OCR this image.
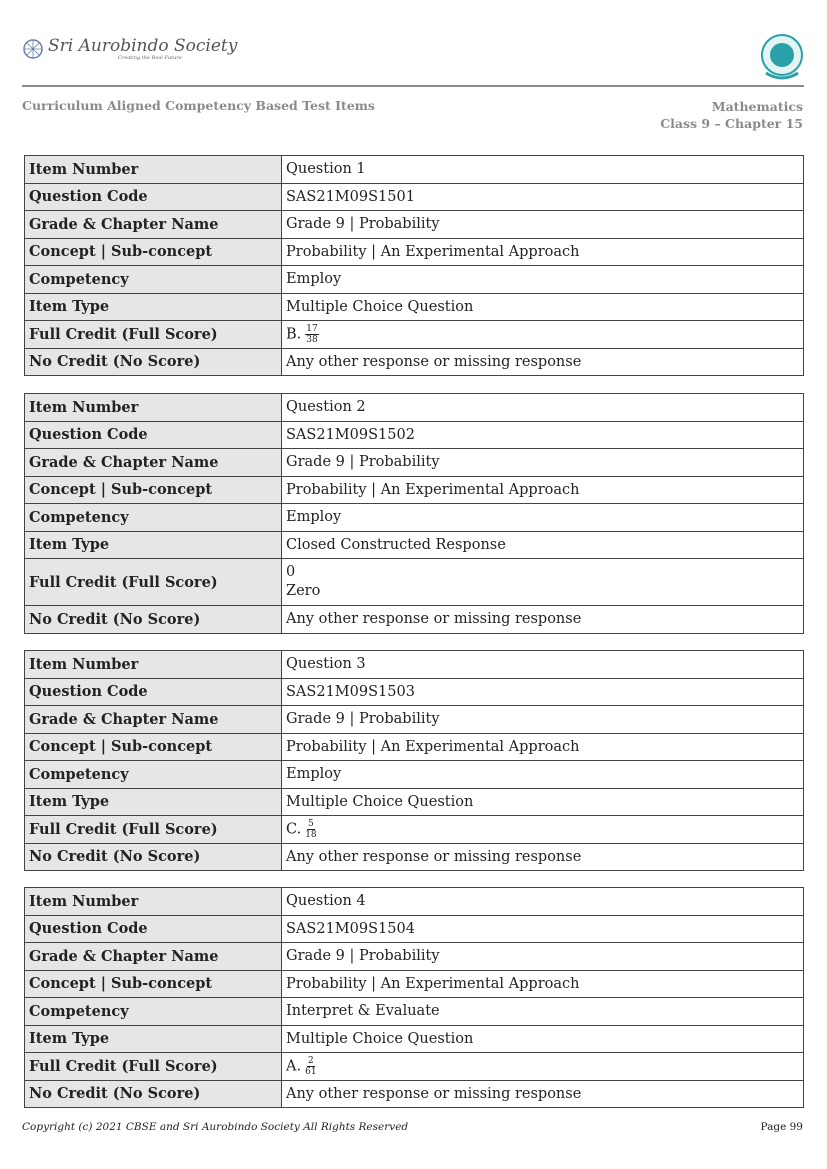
Sri Aurobindo Society
Creating the Real Future
Curriculum Aligned Competency Based Test Items	Mathematics
Class 9 – Chapter 15
Item Number	Question 1
Question Code	SAS21M09S1501
Grade & Chapter Name	Grade 9 | Probability
Concept | Sub-concept	Probability | An Experimental Approach
Competency	Employ
Item Type	Multiple Choice Question
Full Credit (Full Score)	B. $\frac{17}{38}$

No Credit (No Score)	Any other response or missing response
Item Number	Question 2
Question Code	SAS21M09S1502
Grade & Chapter Name	Grade 9 | Probability
Concept | Sub-concept	Probability | An Experimental Approach
Competency	Employ
Item Type	Closed Constructed Response
Full Credit (Full Score)	0
Zero
No Credit (No Score)	Any other response or missing response
Item Number	Question 3
Question Code	SAS21M09S1503
Grade & Chapter Name	Grade 9 | Probability
Concept | Sub-concept	Probability | An Experimental Approach
Competency	Employ
Item Type	Multiple Choice Question
Full Credit (Full Score)	C. $\frac{5}{18}$

No Credit (No Score)	Any other response or missing response
Item Number	Question 4
Question Code	SAS21M09S1504
Grade & Chapter Name	Grade 9 | Probability
Concept | Sub-concept	Probability | An Experimental Approach
Competency	Interpret & Evaluate
Item Type	Multiple Choice Question
Full Credit (Full Score)	A. $\frac{2}{61}$

No Credit (No Score)	Any other response or missing response
Copyright (c) 2021 CBSE and Sri Aurobindo Society All Rights Reserved	Page 99
